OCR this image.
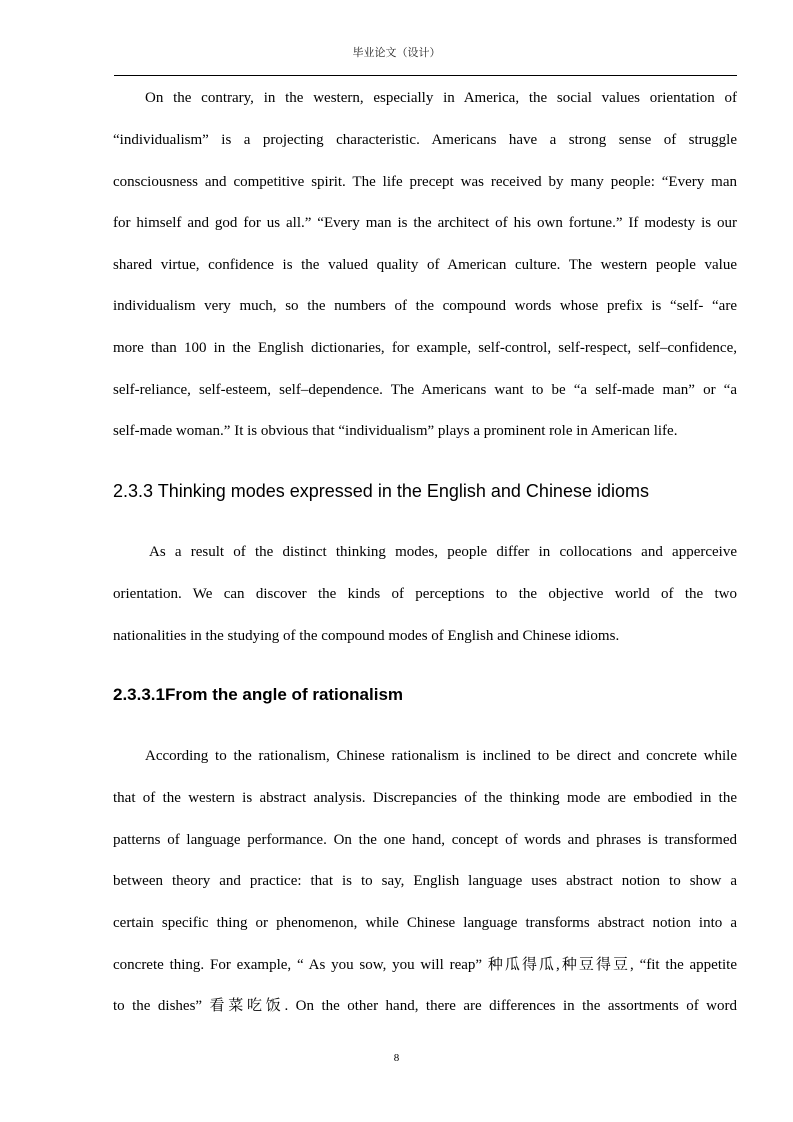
毕业论文（设计）
On the contrary, in the western, especially in America, the social values orientation of
“individualism” is a projecting characteristic. Americans have a strong sense of struggle
consciousness and competitive spirit. The life precept was received by many people: “Every man
for himself and god for us all.” “Every man is the architect of his own fortune.” If modesty is our
shared virtue, confidence is the valued quality of American culture. The western people value
individualism very much, so the numbers of the compound words whose prefix is “self- “are
more than 100 in the English dictionaries, for example, self-control, self-respect, self–confidence,
self-reliance, self-esteem, self–dependence. The Americans want to be “a self-made man” or “a
self-made woman.” It is obvious that “individualism” plays a prominent role in American life.
2.3.3 Thinking modes expressed in the English and Chinese idioms
As a result of the distinct thinking modes, people differ in collocations and apperceive
orientation. We can discover the kinds of perceptions to the objective world of the two
nationalities in the studying of the compound modes of English and Chinese idioms.
2.3.3.1From the angle of rationalism
According to the rationalism, Chinese rationalism is inclined to be direct and concrete while
that of the western is abstract analysis. Discrepancies of the thinking mode are embodied in the
patterns of language performance. On the one hand, concept of words and phrases is transformed
between theory and practice: that is to say, English language uses abstract notion to show a
certain specific thing or phenomenon, while Chinese language transforms abstract notion into a
concrete thing. For example, “ As you sow, you will reap” 种瓜得瓜,种豆得豆, “fit the appetite
to the dishes” 看菜吃饭. On the other hand, there are differences in the assortments of word
8
